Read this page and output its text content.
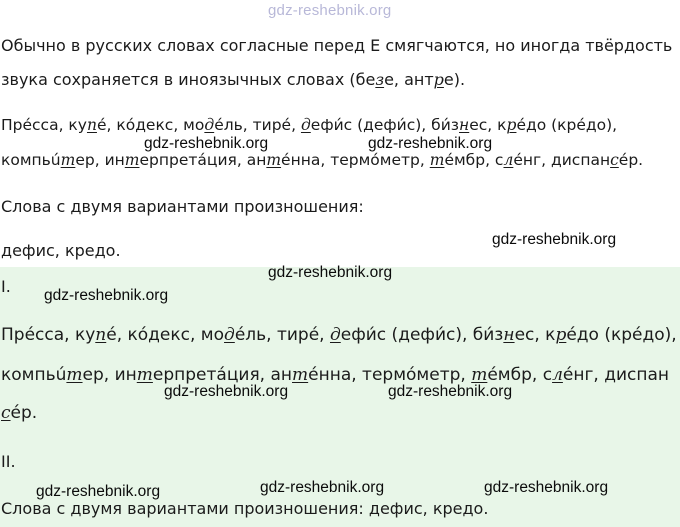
gdz-reshebnik.org
Обычно в русских словах согласные перед Е смягчаются, но иногда твёрдость
звука сохраняется в иноязычных словах (безе, антре).
Прéсса, купé, кóдекс, модéль, тирé, дефи́с (дефи́с), би́знес, крéдо (крéдо),
компьúтер, интерпретáция, антéнна, термóметр, тéмбр, слéнг, диспансéр.
Слова с двумя вариантами произношения:
дефис, кредо.
I.
Прéсса, купé, кóдекс, модéль, тирé, дефи́с (дефи́с), би́знес, крéдо (крéдо),
компьúтер, интерпретáция, антéнна, термóметр, тéмбр, слéнг, диспан
сéр.
II.
Слова с двумя вариантами произношения: дефис, кредо.
gdz-reshebnik.org	gdz-reshebnik.org
gdz-reshebnik.org
gdz-reshebnik.org
gdz-reshebnik.org
gdz-reshebnik.org	gdz-reshebnik.org
gdz-reshebnik.org	gdz-reshebnik.org	gdz-reshebnik.org
